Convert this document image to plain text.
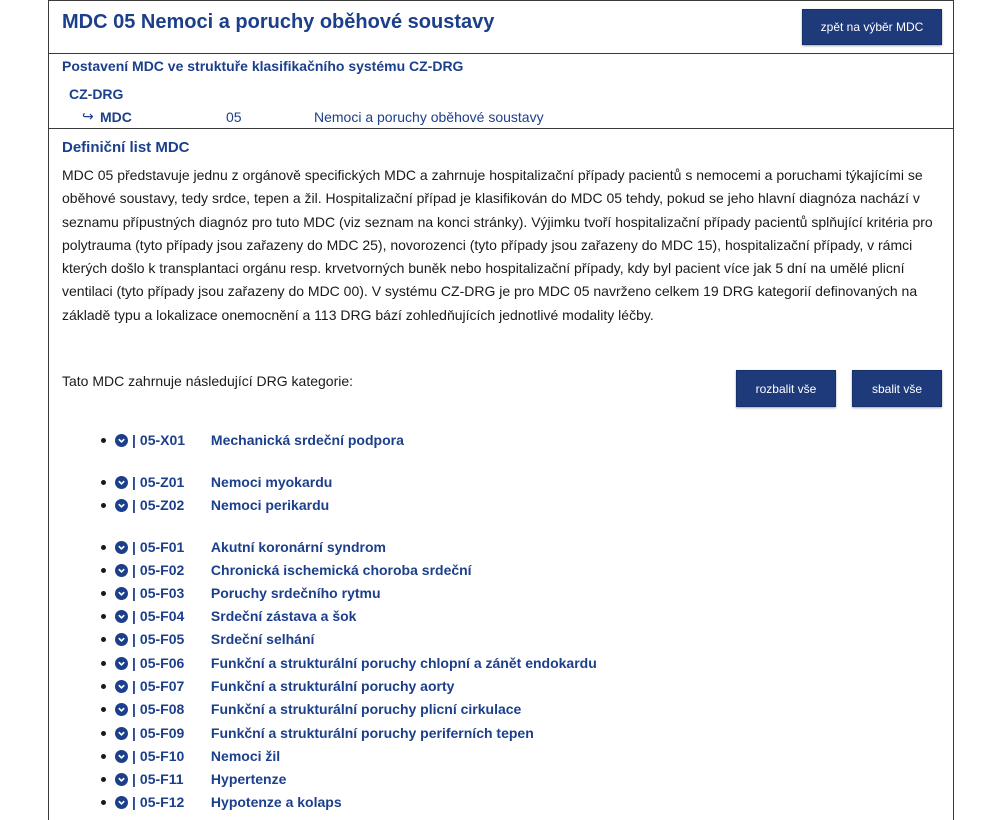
MDC 05 Nemoci a poruchy oběhové soustavy	zpět na výběr MDC
Postavení MDC ve struktuře klasifikačního systému CZ-DRG
CZ-DRG
↪ MDC	05	Nemoci a poruchy oběhové soustavy
Definiční list MDC

MDC 05 představuje jednu z orgánově specifických MDC a zahrnuje hospitalizační případy pacientů s nemocemi a poruchami týkajícími se oběhové soustavy, tedy srdce, tepen a žil. Hospitalizační případ je klasifikován do MDC 05 tehdy, pokud se jeho hlavní diagnóza nachází v seznamu přípustných diagnóz pro tuto MDC (viz seznam na konci stránky). Výjimku tvoří hospitalizační případy pacientů splňující kritéria pro polytrauma (tyto případy jsou zařazeny do MDC 25), novorozenci (tyto případy jsou zařazeny do MDC 15), hospitalizační případy, v rámci kterých došlo k transplantaci orgánu resp. krvetvorných buněk nebo hospitalizační případy, kdy byl pacient více jak 5 dní na umělé plicní ventilaci (tyto případy jsou zařazeny do MDC 00). V systému CZ-DRG je pro MDC 05 navrženo celkem 19 DRG kategorií definovaných na základě typu a lokalizace onemocnění a 113 DRG bází zohledňujících jednotlivé modality léčby.

Tato MDC zahrnuje následující DRG kategorie:	rozbalit vše	sbalit vše
| 05-X01	Mechanická srdeční podpora
| 05-Z01	Nemoci myokardu
| 05-Z02	Nemoci perikardu
| 05-F01	Akutní koronární syndrom
| 05-F02	Chronická ischemická choroba srdeční
| 05-F03	Poruchy srdečního rytmu
| 05-F04	Srdeční zástava a šok
| 05-F05	Srdeční selhání
| 05-F06	Funkční a strukturální poruchy chlopní a zánět endokardu
| 05-F07	Funkční a strukturální poruchy aorty
| 05-F08	Funkční a strukturální poruchy plicní cirkulace
| 05-F09	Funkční a strukturální poruchy periferních tepen
| 05-F10	Nemoci žil
| 05-F11	Hypertenze
| 05-F12	Hypotenze a kolaps
